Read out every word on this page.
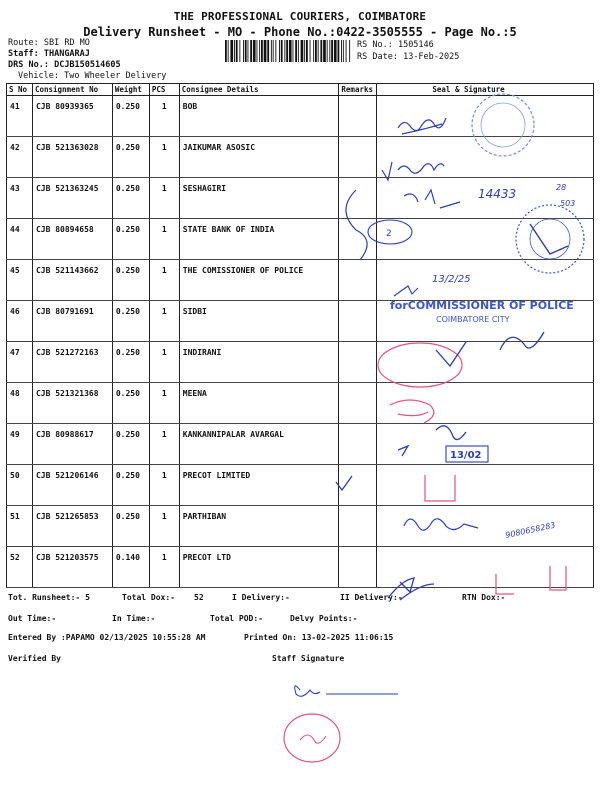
THE PROFESSIONAL COURIERS, COIMBATORE
Delivery Runsheet - MO - Phone No.:0422-3505555 - Page No.:5
Route: SBI RD MO
Staff: THANGARAJ
DRS No.: DCJB150514605
Vehicle: Two Wheeler Delivery
RS No.: 1505146
RS Date: 13-Feb-2025
S No	Consignment No	Weight	PCS	Consignee Details	Remarks	Seal & Signature
41	CJB 80939365	0.250	1	BOB		
42	CJB 521363028	0.250	1	JAIKUMAR ASOSIC		
43	CJB 521363245	0.250	1	SESHAGIRI		
44	CJB 80894658	0.250	1	STATE BANK OF INDIA		
45	CJB 521143662	0.250	1	THE COMISSIONER OF POLICE		
46	CJB 80791691	0.250	1	SIDBI		
47	CJB 521272163	0.250	1	INDIRANI		
48	CJB 521321368	0.250	1	MEENA		
49	CJB 80988617	0.250	1	KANKANNIPALAR AVARGAL		
50	CJB 521206146	0.250	1	PRECOT LIMITED		
51	CJB 521265853	0.250	1	PARTHIBAN		
52	CJB 521203575	0.140	1	PRECOT LTD		
Tot. Runsheet:- 5	Total Dox:- 52	I Delivery:-	II Delivery:-	RTN Dox:-
Out Time:-	In Time:-	Total POD:-	Delvy Points:-
Entered By :PAPAMO 02/13/2025 10:55:28 AM	Printed On: 13-02-2025 11:06:15
Verified By	Staff Signature
14433	28
503
2
13/2/25
forCOMMISSIONER OF POLICE
COIMBATORE CITY
13/02
9080658283
